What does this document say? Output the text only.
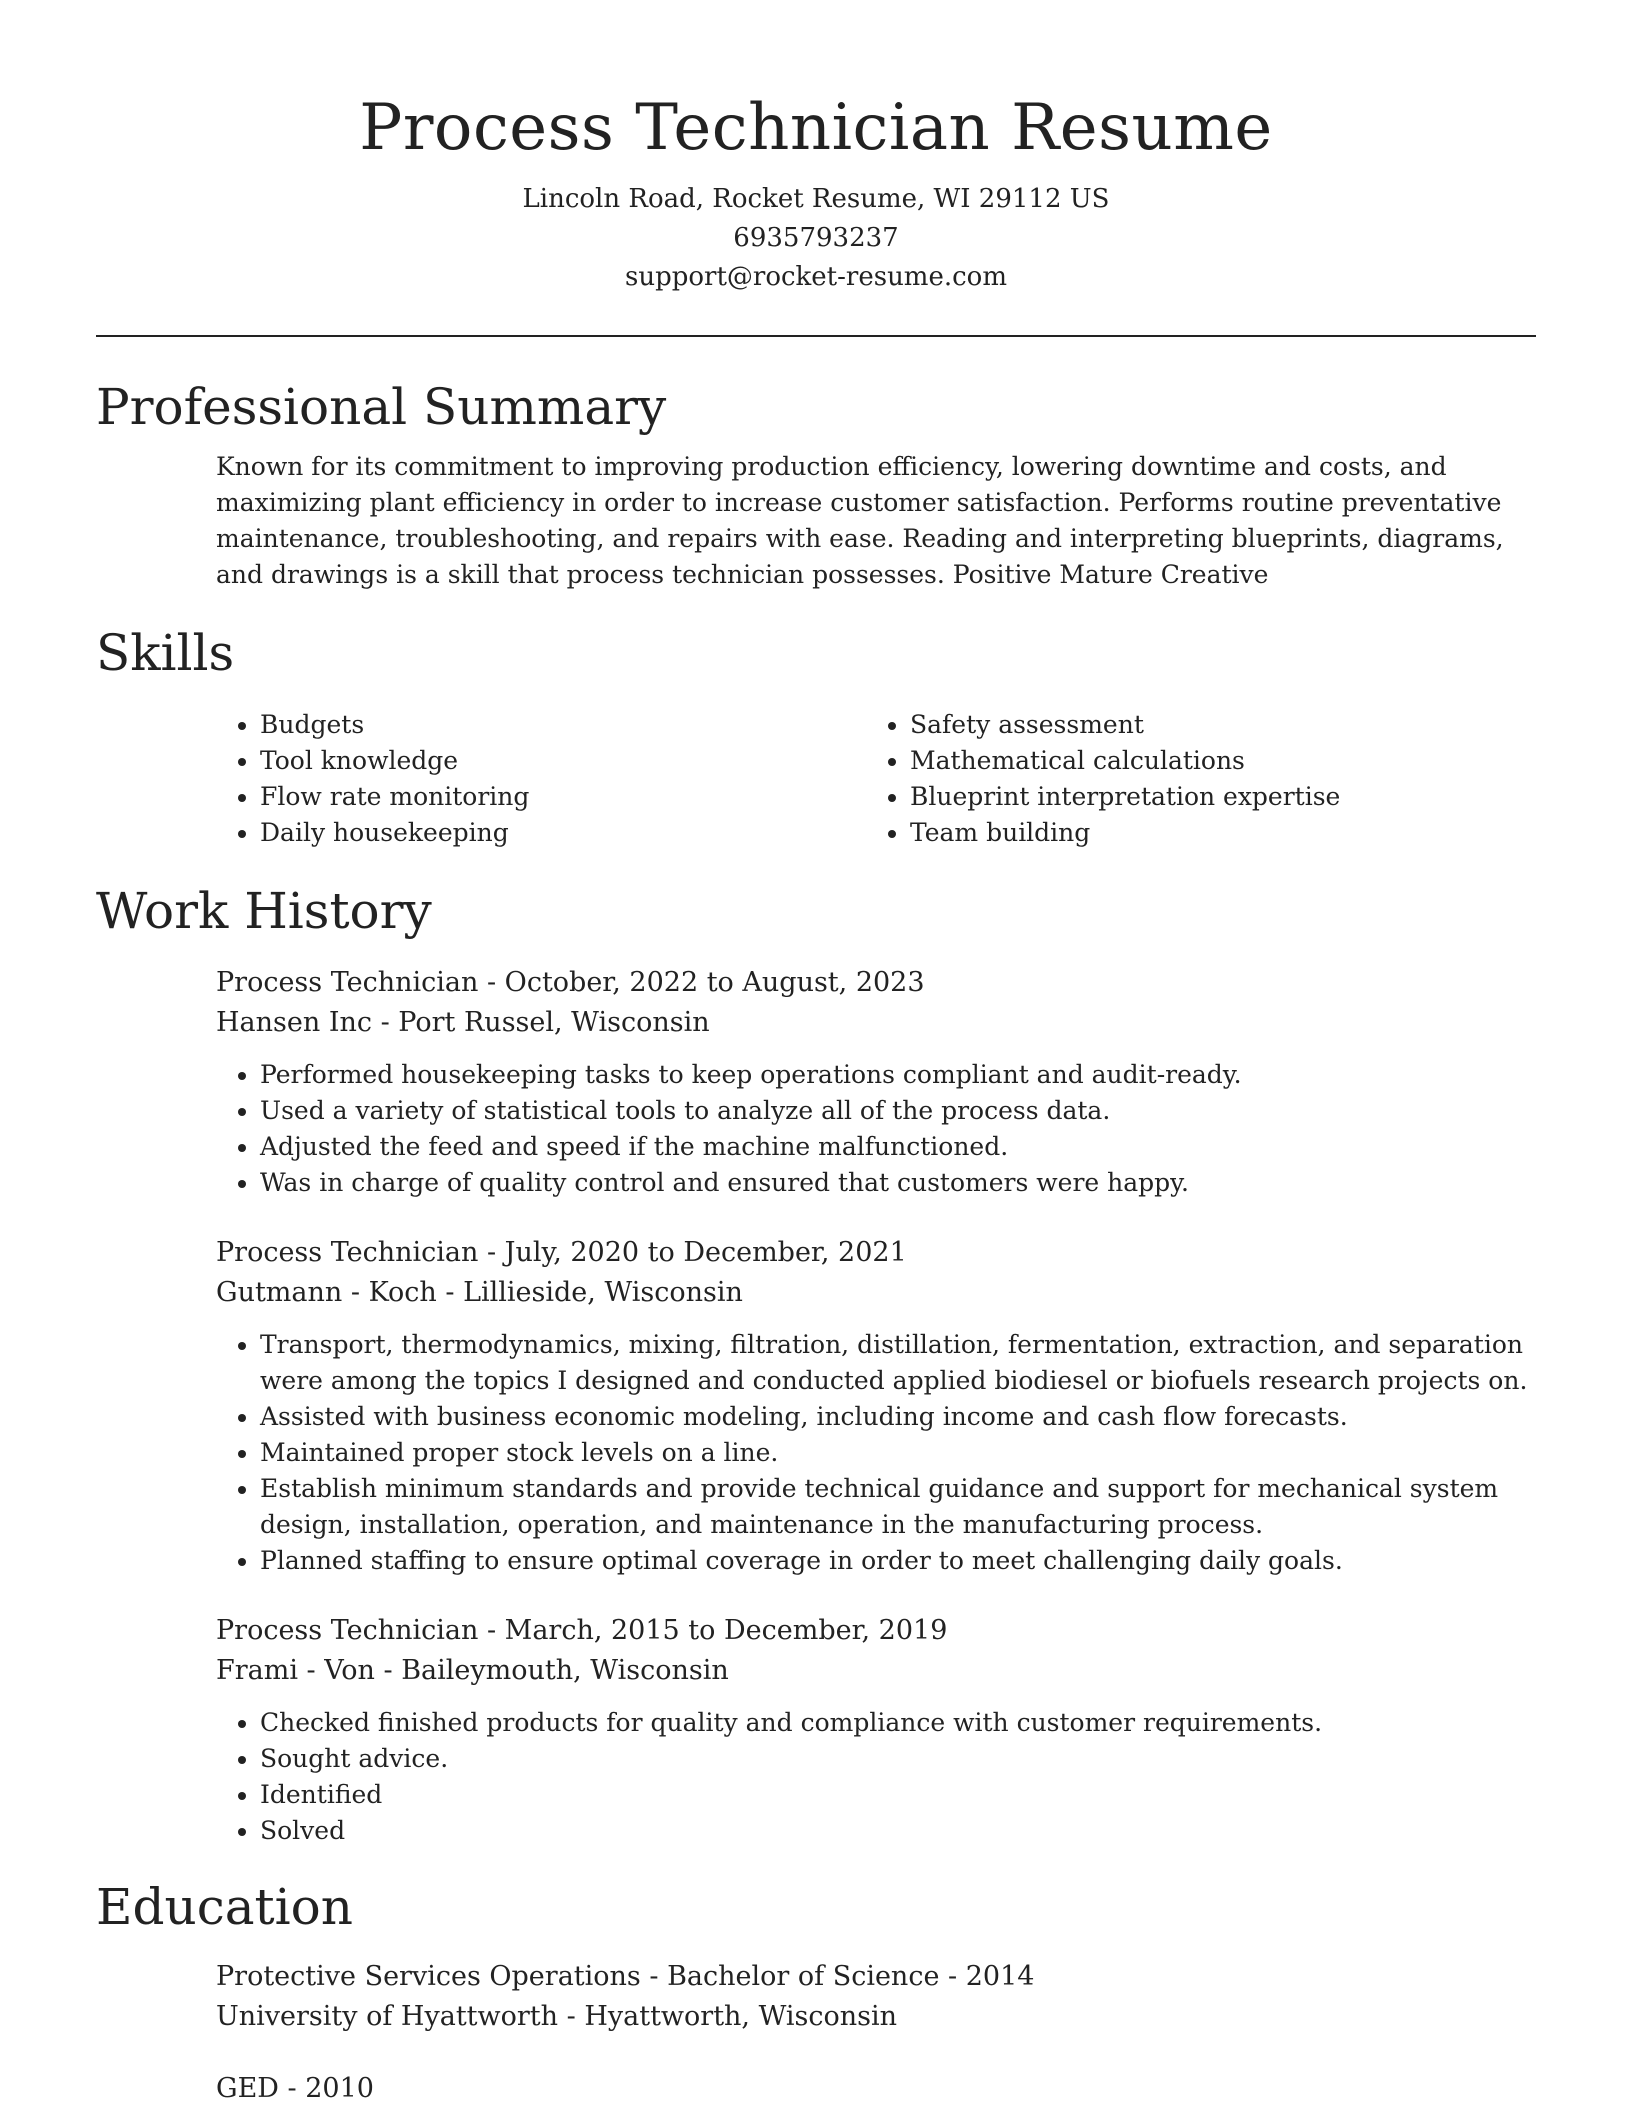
Process Technician Resume
Lincoln Road, Rocket Resume, WI 29112 US
6935793237
support@rocket-resume.com
Professional Summary
Known for its commitment to improving production efficiency, lowering downtime and costs, and maximizing plant efficiency in order to increase customer satisfaction. Performs routine preventative maintenance, troubleshooting, and repairs with ease. Reading and interpreting blueprints, diagrams, and drawings is a skill that process technician possesses. Positive Mature Creative
Skills
• Budgets
• Tool knowledge
• Flow rate monitoring
• Daily housekeeping
• Safety assessment
• Mathematical calculations
• Blueprint interpretation expertise
• Team building
Work History
Process Technician - October, 2022 to August, 2023
Hansen Inc - Port Russel, Wisconsin
• Performed housekeeping tasks to keep operations compliant and audit-ready.
• Used a variety of statistical tools to analyze all of the process data.
• Adjusted the feed and speed if the machine malfunctioned.
• Was in charge of quality control and ensured that customers were happy.
Process Technician - July, 2020 to December, 2021
Gutmann - Koch - Lillieside, Wisconsin
• Transport, thermodynamics, mixing, filtration, distillation, fermentation, extraction, and separation were among the topics I designed and conducted applied biodiesel or biofuels research projects on.
• Assisted with business economic modeling, including income and cash flow forecasts.
• Maintained proper stock levels on a line.
• Establish minimum standards and provide technical guidance and support for mechanical system design, installation, operation, and maintenance in the manufacturing process.
• Planned staffing to ensure optimal coverage in order to meet challenging daily goals.
Process Technician - March, 2015 to December, 2019
Frami - Von - Baileymouth, Wisconsin
• Checked finished products for quality and compliance with customer requirements.
• Sought advice.
• Identified
• Solved
Education
Protective Services Operations - Bachelor of Science - 2014
University of Hyattworth - Hyattworth, Wisconsin
GED - 2010
